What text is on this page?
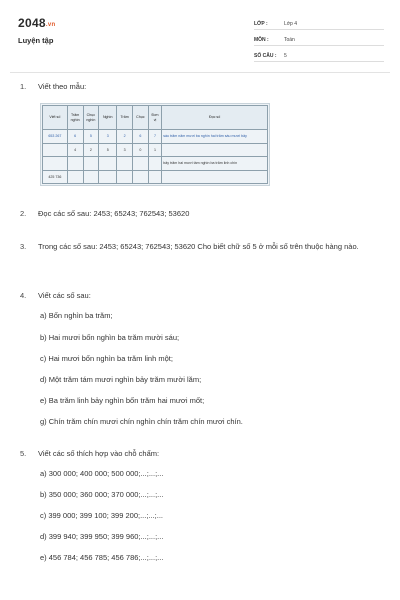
2048.vn
Luyện tập
LỚP :	Lớp 4
MÔN :	Toán
SỐ CÂU :	5
1. Viết theo mẫu:
Viết số	Trăm nghìn	Chục nghìn	Nghìn	Trăm	Chục	Đơn vị	Đọc số
653 267	6	5	3	2	6	7	sáu trăm năm mươi ba nghìn hai trăm sáu mươi bảy
	4	2	5	3	0	1	
							bảy trăm hai mươi tám nghìn ba trăm linh chín
425 736							
2. Đọc các số sau: 2453; 65243; 762543; 53620
3. Trong các số sau: 2453; 65243; 762543; 53620 Cho biết chữ số 5 ở mỗi số trên thuộc hàng nào.
4. Viết các số sau:
a) Bốn nghìn ba trăm;
b) Hai mươi bốn nghìn ba trăm mười sáu;
c) Hai mươi bốn nghìn ba trăm linh một;
d) Một trăm tám mươi nghìn bảy trăm mười lăm;
e) Ba trăm linh bảy nghìn bốn trăm hai mươi mốt;
g) Chín trăm chín mươi chín nghìn chín trăm chín mươi chín.
5. Viết các số thích hợp vào chỗ chấm:
a) 300 000; 400 000; 500 000;...;...;...
b) 350 000; 360 000; 370 000;...;...;...
c) 399 000; 399 100; 399 200;...;...;...
d) 399 940; 399 950; 399 960;...;...;...
e) 456 784; 456 785; 456 786;...;...;...
